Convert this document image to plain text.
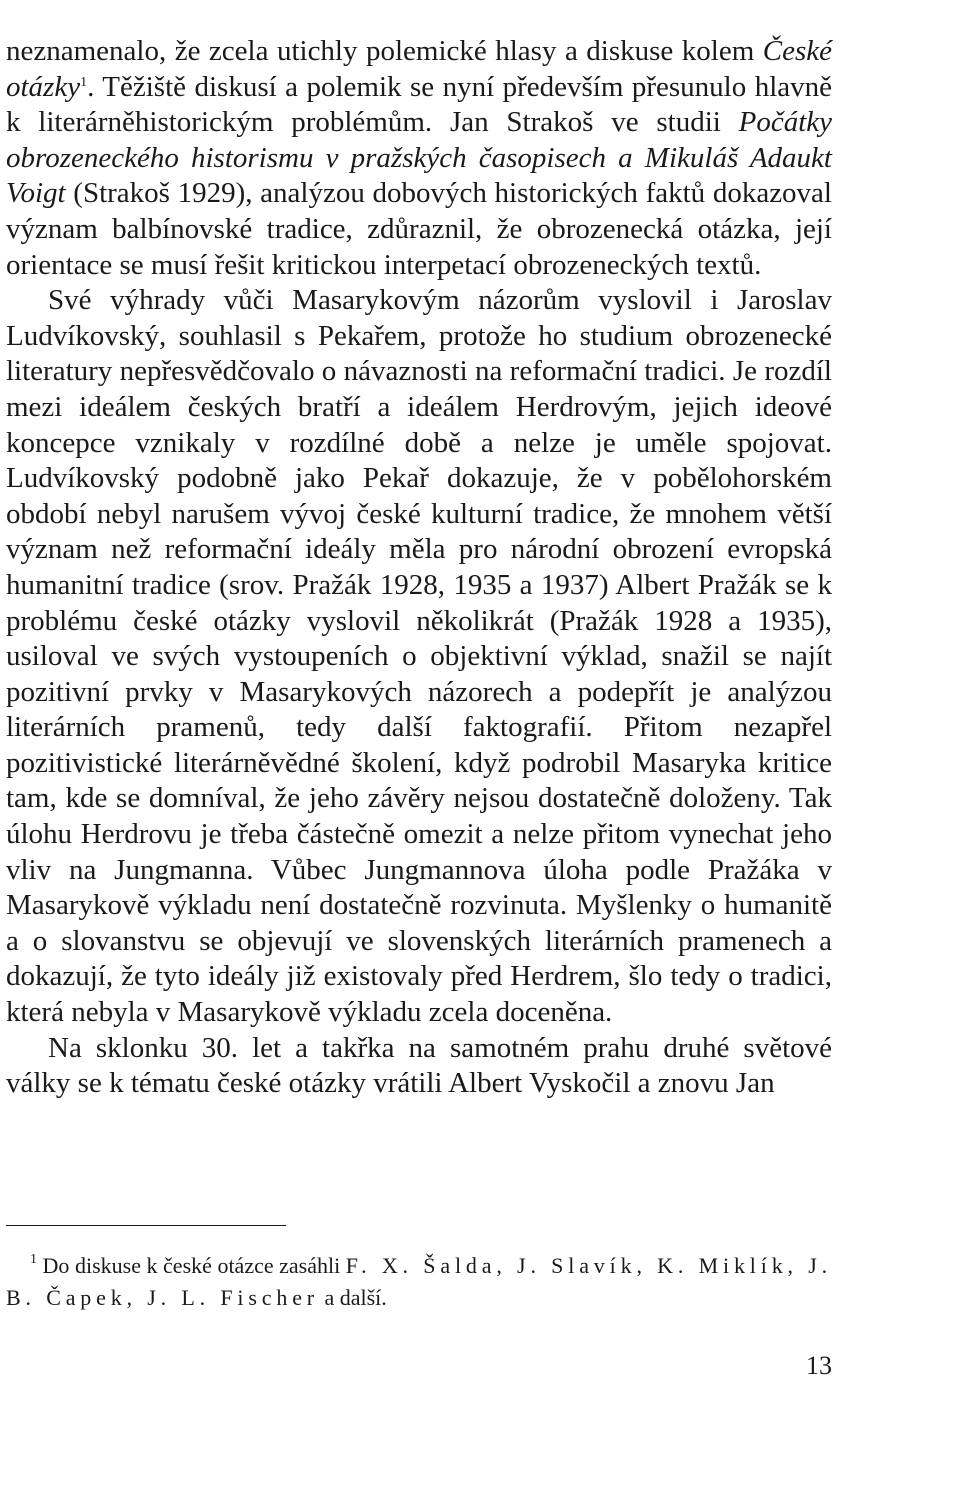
neznamenalo, že zcela utichly polemické hlasy a diskuse kolem České otázky$^1$. Těžiště diskusí a polemik se nyní především přesunulo hlavně k literárněhistorickým problémům. Jan Strakoš ve studii Počátky obrozeneckého historismu v pražských časopisech a Mikuláš Adaukt Voigt (Strakoš 1929), analýzou dobových historických faktů dokazoval význam balbínovské tradice, zdůraznil, že obrozenecká otázka, její orientace se musí řešit kritickou interpetací obrozeneckých textů.

Své výhrady vůči Masarykovým názorům vyslovil i Jaroslav Ludvíkovský, souhlasil s Pekařem, protože ho studium obrozenecké literatury nepřesvědčovalo o návaznosti na reformační tradici. Je rozdíl mezi ideálem českých bratří a ideálem Herdrovým, jejich ideové koncepce vznikaly v rozdílné době a nelze je uměle spojovat. Ludvíkovský podobně jako Pekař dokazuje, že v pobělohorském období nebyl narušem vývoj české kulturní tradice, že mnohem větší význam než reformační ideály měla pro národní obrození evropská humanitní tradice (srov. Pražák 1928, 1935 a 1937) Albert Pražák se k problému české otázky vyslovil několikrát (Pražák 1928 a 1935), usiloval ve svých vystoupeních o objektivní výklad, snažil se najít pozitivní prvky v Masarykových názorech a podepřít je analýzou literárních pramenů, tedy další faktografií. Přitom nezapřel pozitivistické literárněvědné školení, když podrobil Masaryka kritice tam, kde se domníval, že jeho závěry nejsou dostatečně doloženy. Tak úlohu Herdrovu je třeba částečně omezit a nelze přitom vynechat jeho vliv na Jungmanna. Vůbec Jungmannova úloha podle Pražáka v Masarykově výkladu není dostatečně rozvinuta. Myšlenky o humanitě a o slovanstvu se objevují ve slovenských literárních pramenech a dokazují, že tyto ideály již existovaly před Herdrem, šlo tedy o tradici, která nebyla v Masarykově výkladu zcela doceněna.

Na sklonku 30. let a takřka na samotném prahu druhé světové války se k tématu české otázky vrátili Albert Vyskočil a znovu Jan

$^1$ Do diskuse k české otázce zasáhli F. X. Šalda, J. Slavík, K. Miklík, J. B. Čapek, J. L. Fischer a další.

13
